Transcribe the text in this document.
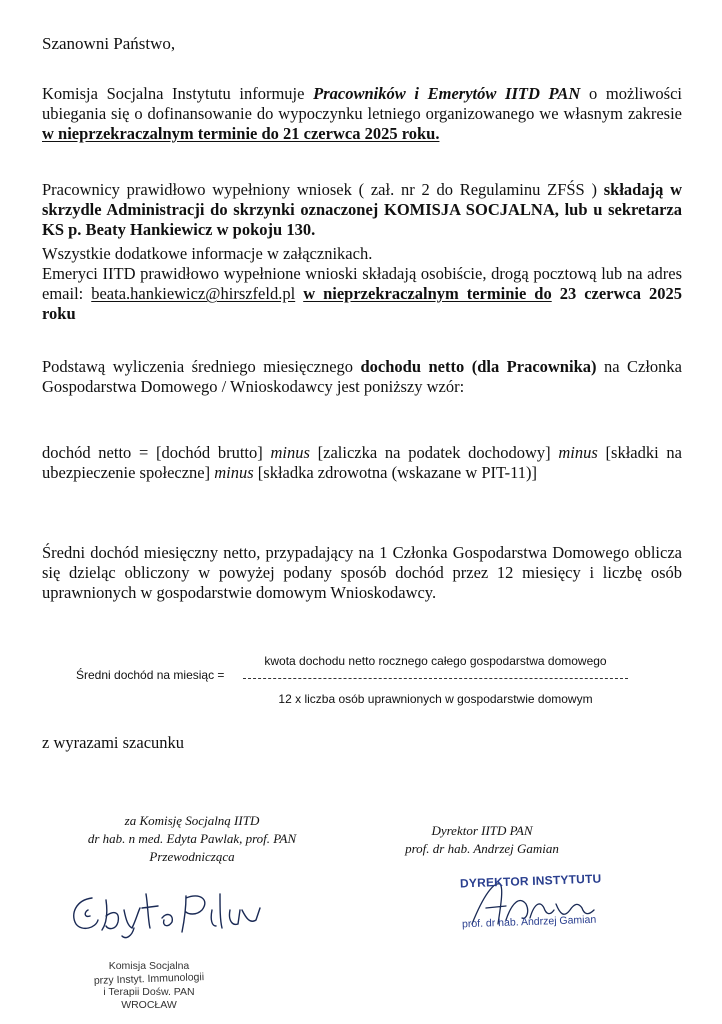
Szanowni Państwo,
Komisja Socjalna Instytutu informuje Pracowników i Emerytów IITD PAN o możliwości ubiegania się o dofinansowanie do wypoczynku letniego organizowanego we własnym zakresie w nieprzekraczalnym terminie do 21 czerwca 2025 roku.
Pracownicy prawidłowo wypełniony wniosek ( zał. nr 2 do Regulaminu ZFŚS ) składają w skrzydle Administracji do skrzynki oznaczonej KOMISJA SOCJALNA, lub u sekretarza KS p. Beaty Hankiewicz w pokoju 130.
Wszystkie dodatkowe informacje w załącznikach.
Emeryci IITD prawidłowo wypełnione wnioski składają osobiście, drogą pocztową lub na adres email: beata.hankiewicz@hirszfeld.pl w nieprzekraczalnym terminie do 23 czerwca 2025 roku
Podstawą wyliczenia średniego miesięcznego dochodu netto (dla Pracownika) na Członka Gospodarstwa Domowego / Wnioskodawcy jest poniższy wzór:
dochód netto = [dochód brutto] minus [zaliczka na podatek dochodowy] minus [składki na ubezpieczenie społeczne] minus [składka zdrowotna (wskazane w PIT-11)]
Średni dochód miesięczny netto, przypadający na 1 Członka Gospodarstwa Domowego oblicza się dzieląc obliczony w powyżej podany sposób dochód przez 12 miesięcy i liczbę osób uprawnionych w gospodarstwie domowym Wnioskodawcy.
Średni dochód na miesiąc =
kwota dochodu netto rocznego całego gospodarstwa domowego
12 x liczba osób uprawnionych w gospodarstwie domowym
z wyrazami szacunku
za Komisję Socjalną IITD
dr hab. n med. Edyta Pawlak, prof. PAN
Przewodnicząca
Dyrektor IITD PAN
prof. dr hab. Andrzej Gamian
Komisja Socjalna
przy Instyt. Immunologii
i Terapii Dośw. PAN
WROCŁAW
DYREKTOR INSTYTUTU
prof. dr hab. Andrzej Gamian
